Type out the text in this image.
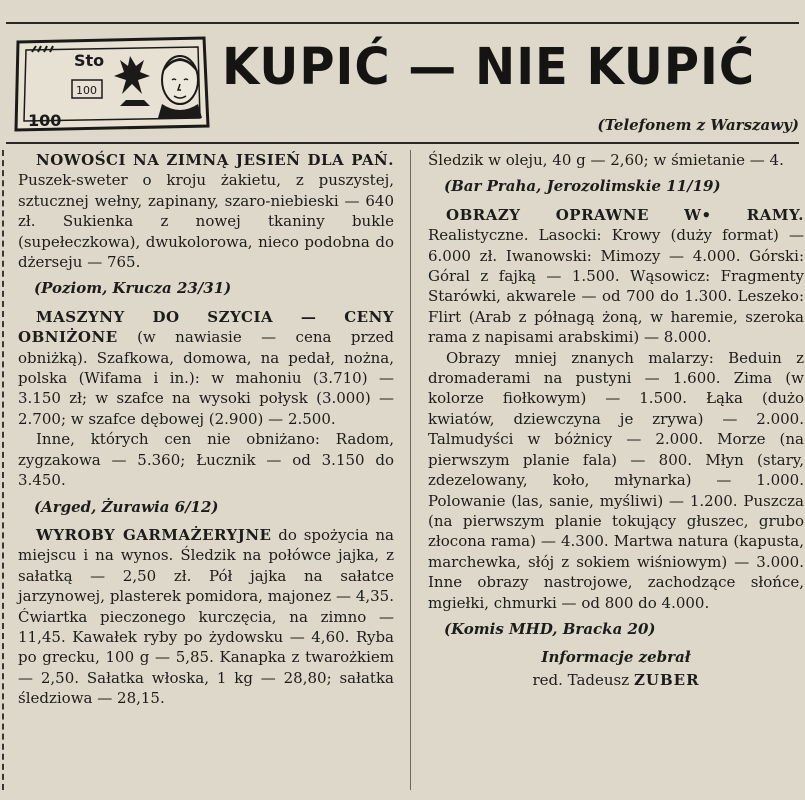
Sto
100
100
KUPIĆ — NIE KUPIĆ
(Telefonem z Warszawy)

NOWOŚCI NA ZIMNĄ JESIEŃ DLA PAŃ. Puszek-sweter o kroju żakietu, z puszystej, sztucznej wełny, zapinany, szaro-niebieski — 640 zł. Sukienka z nowej tkaniny bukle (supełeczkowa), dwukolorowa, nieco podobna do dżerseju — 765.

(Poziom, Krucza 23/31)

MASZYNY DO SZYCIA — CENY OBNIŻONE (w nawiasie — cena przed obniżką). Szafkowa, domowa, na pedał, nożna, polska (Wifama i in.): w mahoniu (3.710) — 3.150 zł; w szafce na wysoki połysk (3.000) — 2.700; w szafce dębowej (2.900) — 2.500.

Inne, których cen nie obniżano: Radom, zygzakowa — 5.360; Łucznik — od 3.150 do 3.450.

(Arged, Żurawia 6/12)

WYROBY GARMAŻERYJNE do spożycia na miejscu i na wynos. Śledzik na połówce jajka, z sałatką — 2,50 zł. Pół jajka na sałatce jarzynowej, plasterek pomidora, majonez — 4,35. Ćwiartka pieczonego kurczęcia, na zimno — 11,45. Kawałek ryby po żydowsku — 4,60. Ryba po grecku, 100 g — 5,85. Kanapka z twarożkiem — 2,50. Sałatka włoska, 1 kg — 28,80; sałatka śledziowa — 28,15.

Śledzik w oleju, 40 g — 2,60; w śmietanie — 4.

(Bar Praha, Jerozolimskie 11/19)

OBRAZY OPRAWNE W• RAMY. Realistyczne. Lasocki: Krowy (duży format) — 6.000 zł. Iwanowski: Mimozy — 4.000. Górski: Góral z fajką — 1.500. Wąsowicz: Fragmenty Starówki, akwarele — od 700 do 1.300. Leszeko: Flirt (Arab z półnagą żoną, w haremie, szeroka rama z napisami arabskimi) — 8.000.

Obrazy mniej znanych malarzy: Beduin z dromaderami na pustyni — 1.600. Zima (w kolorze fiołkowym) — 1.500. Łąka (dużo kwiatów, dziewczyna je zrywa) — 2.000. Talmudyści w bóżnicy — 2.000. Morze (na pierwszym planie fala) — 800. Młyn (stary, zdezelowany, koło, młynarka) — 1.000. Polowanie (las, sanie, myśliwi) — 1.200. Puszcza (na pierwszym planie tokujący głuszec, grubo złocona rama) — 4.300. Martwa natura (kapusta, marchewka, słój z sokiem wiśniowym) — 3.000. Inne obrazy nastrojowe, zachodzące słońce, mgiełki, chmurki — od 800 do 4.000.

(Komis MHD, Bracka 20)

Informacje zebrał
red. Tadeusz ZUBER
